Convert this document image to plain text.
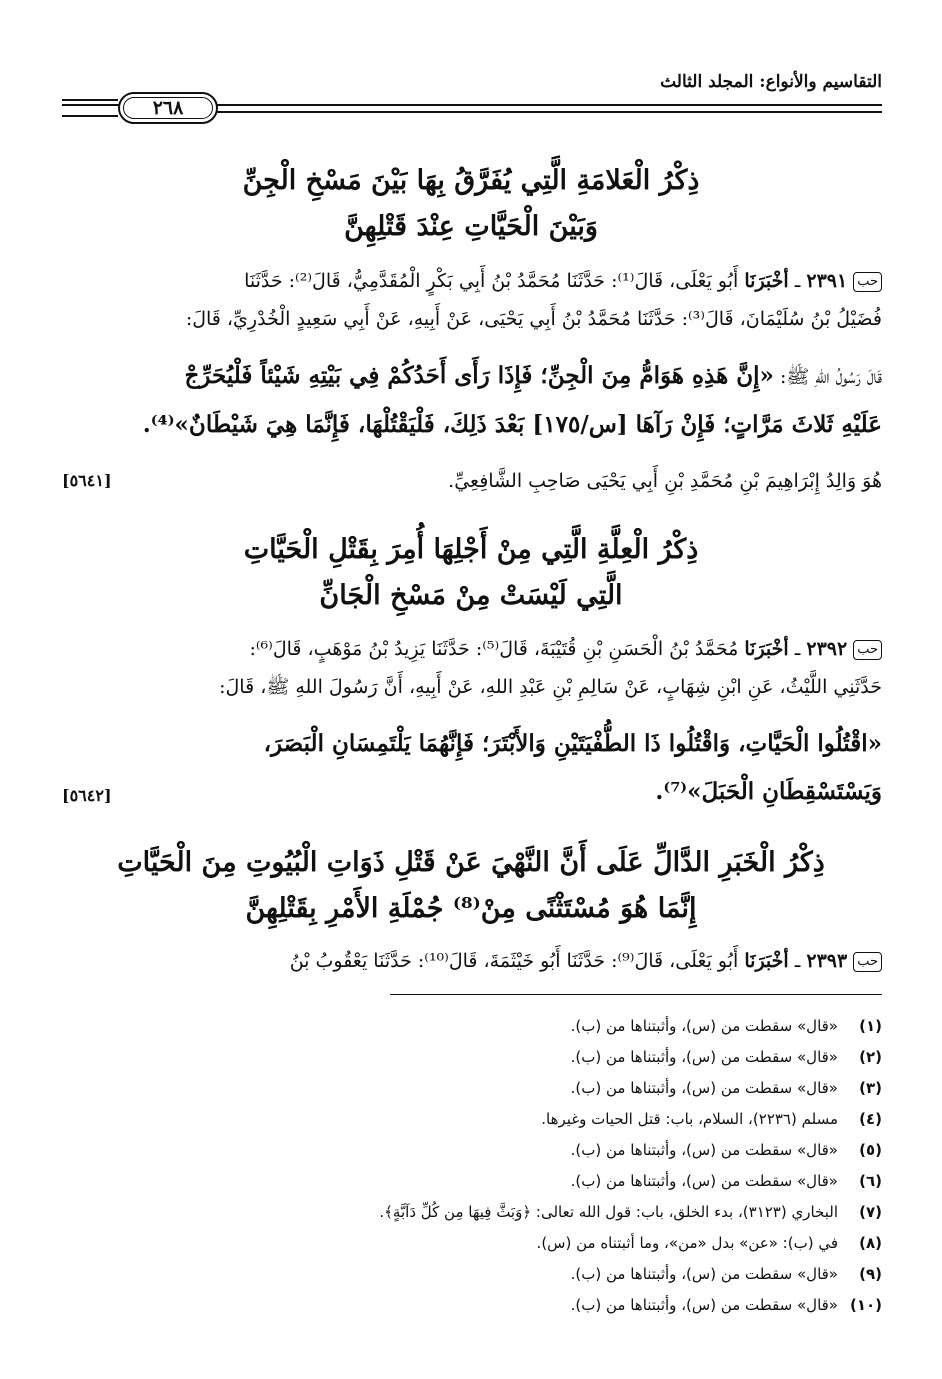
التقاسيم والأنواع: المجلد الثالث
٢٦٨
ذِكْرُ الْعَلامَةِ الَّتِي يُفَرَّقُ بِهَا بَيْنَ مَسْخِ الْجِنِّ
وَبَيْنَ الْحَيَّاتِ عِنْدَ قَتْلِهِنَّ
حب٢٣٩١ ـ أخْبَرَنَا أَبُو يَعْلَى، قَالَ⁽¹⁾: حَدَّثَنَا مُحَمَّدُ بْنُ أَبِي بَكْرٍ الْمُقَدَّمِيُّ، قَالَ⁽²⁾: حَدَّثَنَا
فُضَيْلُ بْنُ سُلَيْمَانَ، قَالَ⁽³⁾: حَدَّثَنَا مُحَمَّدُ بْنُ أَبِي يَحْيَى، عَنْ أَبِيهِ، عَنْ أَبِي سَعِيدٍ الْخُدْرِيِّ، قَالَ:
قَالَ رَسُولُ اللهِ ﷺ: «إِنَّ هَذِهِ هَوَامُّ مِنَ الْجِنِّ؛ فَإِذَا رَأَى أَحَدُكُمْ فِي بَيْتِهِ شَيْئاً فَلْيُحَرِّجْ
عَلَيْهِ ثَلاثَ مَرَّاتٍ؛ فَإِنْ رَآهَا [س/١٧٥] بَعْدَ ذَلِكَ، فَلْيَقْتُلْهَا، فَإِنَّمَا هِيَ شَيْطَانٌ»⁽⁴⁾.
هُوَ وَالِدُ إِبْرَاهِيمَ بْنِ مُحَمَّدِ بْنِ أَبِي يَحْيَى صَاحِبِ الشَّافِعِيِّ.
[٥٦٤١]
ذِكْرُ الْعِلَّةِ الَّتِي مِنْ أَجْلِهَا أُمِرَ بِقَتْلِ الْحَيَّاتِ
الَّتِي لَيْسَتْ مِنْ مَسْخِ الْجَانِّ
حب٢٣٩٢ ـ أخْبَرَنَا مُحَمَّدُ بْنُ الْحَسَنِ بْنِ قُتَيْبَةَ، قَالَ⁽⁵⁾: حَدَّثَنَا يَزِيدُ بْنُ مَوْهَبٍ، قَالَ⁽⁶⁾:
حَدَّثَنِي اللَّيْثُ، عَنِ ابْنِ شِهَابٍ، عَنْ سَالِمِ بْنِ عَبْدِ اللهِ، عَنْ أَبِيهِ، أَنَّ رَسُولَ اللهِ ﷺ، قَالَ:
«اقْتُلُوا الْحَيَّاتِ، وَاقْتُلُوا ذَا الطُّفْيَتَيْنِ وَالأَبْتَرَ؛ فَإِنَّهُمَا يَلْتَمِسَانِ الْبَصَرَ،
وَيَسْتَسْقِطَانِ الْحَبَلَ»⁽⁷⁾.
[٥٦٤٢]
ذِكْرُ الْخَبَرِ الدَّالِّ عَلَى أَنَّ النَّهْيَ عَنْ قَتْلِ ذَوَاتِ الْبُيُوتِ مِنَ الْحَيَّاتِ
إِنَّمَا هُوَ مُسْتَثْنًى مِنْ⁽⁸⁾ جُمْلَةِ الأَمْرِ بِقَتْلِهِنَّ
حب٢٣٩٣ ـ أخْبَرَنَا أَبُو يَعْلَى، قَالَ⁽⁹⁾: حَدَّثَنَا أَبُو خَيْثَمَةَ، قَالَ⁽¹⁰⁾: حَدَّثَنَا يَعْقُوبُ بْنُ
(١)
«قال» سقطت من (س)، وأثبتناها من (ب).
(٢)
«قال» سقطت من (س)، وأثبتناها من (ب).
(٣)
«قال» سقطت من (س)، وأثبتناها من (ب).
(٤)
مسلم (٢٢٣٦)، السلام، باب: قتل الحيات وغيرها.
(٥)
«قال» سقطت من (س)، وأثبتناها من (ب).
(٦)
«قال» سقطت من (س)، وأثبتناها من (ب).
(٧)
البخاري (٣١٢٣)، بدء الخلق، باب: قول الله تعالى: ﴿وَبَثَّ فِيهَا مِن كُلِّ دَآبَّةٍ﴾.
(٨)
في (ب): «عن» بدل «من»، وما أثبتناه من (س).
(٩)
«قال» سقطت من (س)، وأثبتناها من (ب).
(١٠)
«قال» سقطت من (س)، وأثبتناها من (ب).
